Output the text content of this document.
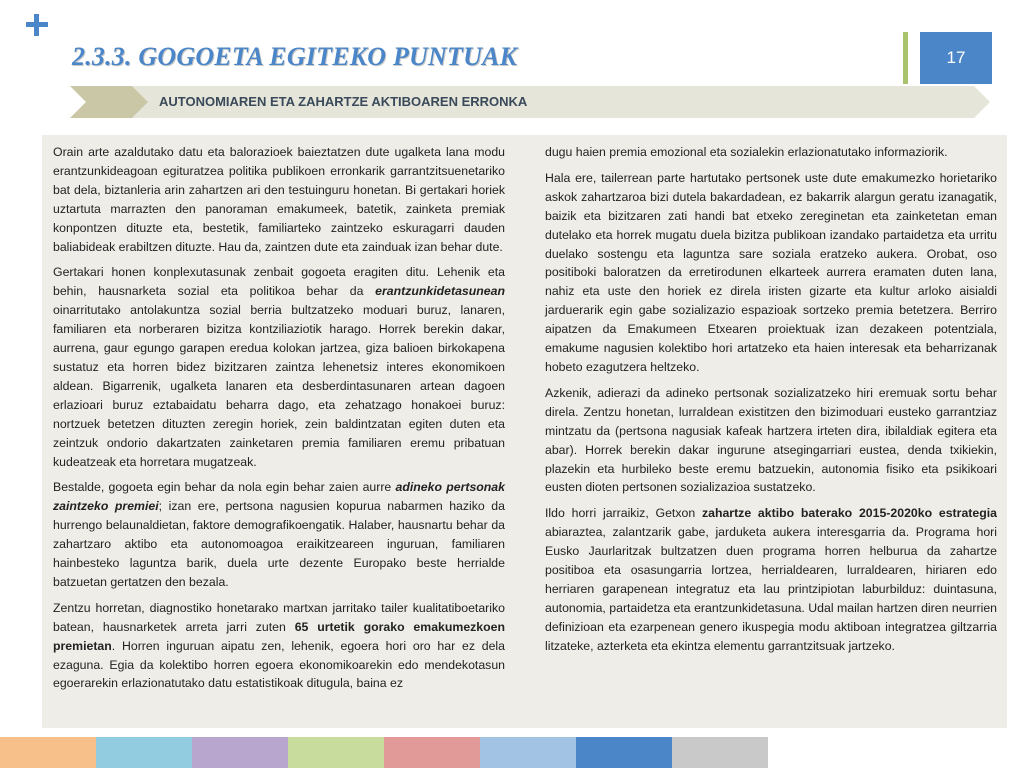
2.3.3. GOGOETA EGITEKO PUNTUAK	17
AUTONOMIAREN ETA ZAHARTZE AKTIBOAREN ERRONKA

Orain arte azaldutako datu eta balorazioek baieztatzen dute ugalketa lana modu erantzunkideagoan egituratzea politika publikoen erronkarik garrantzitsuenetariko bat dela, biztanleria arin zahartzen ari den testuinguru honetan. Bi gertakari horiek uztartuta marrazten den panoraman emakumeek, batetik, zainketa premiak konpontzen dituzte eta, bestetik, familiarteko zaintzeko eskuragarri dauden baliabideak erabiltzen dituzte. Hau da, zaintzen dute eta zainduak izan behar dute.

Gertakari honen konplexutasunak zenbait gogoeta eragiten ditu. Lehenik eta behin, hausnarketa sozial eta politikoa behar da erantzunkidetasunean oinarritutako antolakuntza sozial berria bultzatzeko moduari buruz, lanaren, familiaren eta norberaren bizitza kontziliaziotik harago. Horrek berekin dakar, aurrena, gaur egungo garapen eredua kolokan jartzea, giza balioen birkokapena sustatuz eta horren bidez bizitzaren zaintza lehenetsiz interes ekonomikoen aldean. Bigarrenik, ugalketa lanaren eta desberdintasunaren artean dagoen erlazioari buruz eztabaidatu beharra dago, eta zehatzago honakoei buruz: nortzuek betetzen dituzten zeregin horiek, zein baldintzatan egiten duten eta zeintzuk ondorio dakartzaten zainketaren premia familiaren eremu pribatuan kudeatzeak eta horretara mugatzeak.

Bestalde, gogoeta egin behar da nola egin behar zaien aurre adineko pertsonak zaintzeko premiei; izan ere, pertsona nagusien kopurua nabarmen haziko da hurrengo belaunaldietan, faktore demografikoengatik. Halaber, hausnartu behar da zahartzaro aktibo eta autonomoagoa eraikitzeareen inguruan, familiaren hainbesteko laguntza barik, duela urte dezente Europako beste herrialde batzuetan gertatzen den bezala.

Zentzu horretan, diagnostiko honetarako martxan jarritako tailer kualitatiboetariko batean, hausnarketek arreta jarri zuten 65 urtetik gorako emakumezkoen premietan. Horren inguruan aipatu zen, lehenik, egoera hori oro har ez dela ezaguna. Egia da kolektibo horren egoera ekonomikoarekin edo mendekotasun egoerarekin erlazionatutako datu estatistikoak ditugula, baina ez

dugu haien premia emozional eta sozialekin erlazionatutako informaziorik.

Hala ere, tailerrean parte hartutako pertsonek uste dute emakumezko horietariko askok zahartzaroa bizi dutela bakardadean, ez bakarrik alargun geratu izanagatik, baizik eta bizitzaren zati handi bat etxeko zereginetan eta zainketetan eman dutelako eta horrek mugatu duela bizitza publikoan izandako partaidetza eta urritu duelako sostengu eta laguntza sare soziala eratzeko aukera. Orobat, oso positiboki baloratzen da erretirodunen elkarteek aurrera eramaten duten lana, nahiz eta uste den horiek ez direla iristen gizarte eta kultur arloko aisialdi jarduerarik egin gabe sozializazio espazioak sortzeko premia betetzera. Berriro aipatzen da Emakumeen Etxearen proiektuak izan dezakeen potentziala, emakume nagusien kolektibo hori artatzeko eta haien interesak eta beharrizanak hobeto ezagutzera heltzeko.

Azkenik, adierazi da adineko pertsonak sozializatzeko hiri eremuak sortu behar direla. Zentzu honetan, lurraldean existitzen den bizimoduari eusteko garrantziaz mintzatu da (pertsona nagusiak kafeak hartzera irteten dira, ibilaldiak egitera eta abar). Horrek berekin dakar ingurune atsegingarriari eustea, denda txikiekin, plazekin eta hurbileko beste eremu batzuekin, autonomia fisiko eta psikikoari eusten dioten pertsonen sozializazioa sustatzeko.

Ildo horri jarraikiz, Getxon zahartze aktibo baterako 2015-2020ko estrategia abiaraztea, zalantzarik gabe, jarduketa aukera interesgarria da. Programa hori Eusko Jaurlaritzak bultzatzen duen programa horren helburua da zahartze positiboa eta osasungarria lortzea, herrialdearen, lurraldearen, hiriaren edo herriaren garapenean integratuz eta lau printzipiotan laburbilduz: duintasuna, autonomia, partaidetza eta erantzunkidetasuna. Udal mailan hartzen diren neurrien definizioan eta ezarpenean genero ikuspegia modu aktiboan integratzea giltzarria litzateke, azterketa eta ekintza elementu garrantzitsuak jartzeko.
